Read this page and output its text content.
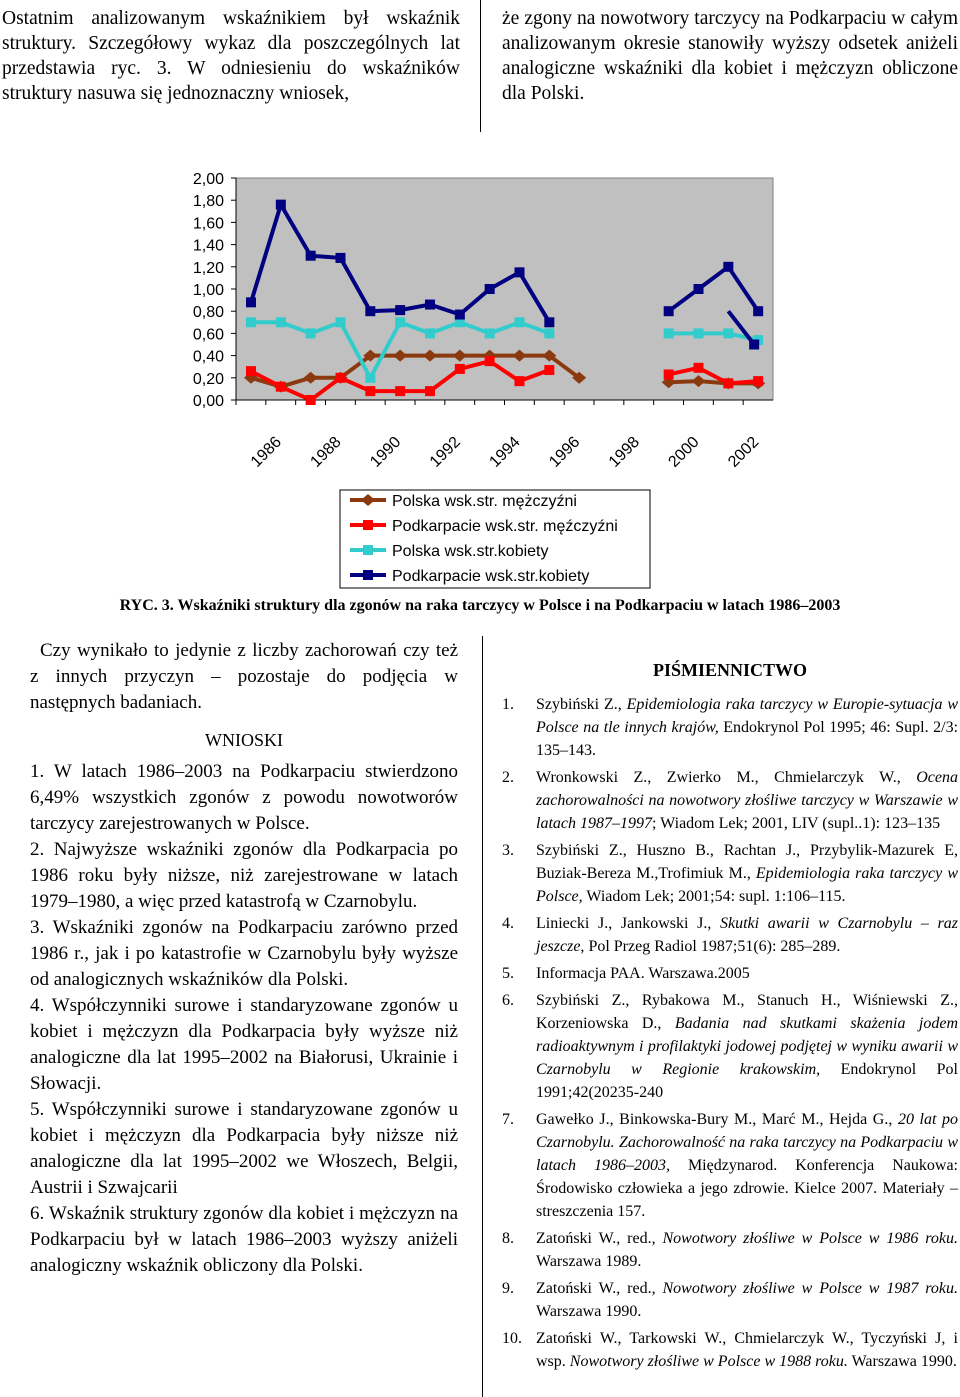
Ostatnim analizowanym wskaźnikiem był wskaźnik struktury. Szczegółowy wykaz dla poszczególnych lat przedstawia ryc. 3. W odniesieniu do wskaźników struktury nasuwa się jednoznaczny wniosek,
że zgony na nowotwory tarczycy na Podkarpaciu w całym analizowanym okresie stanowiły wyższy odsetek aniżeli analogiczne wskaźniki dla kobiet i mężczyzn obliczone dla Polski.
0,00
0,20
0,40
0,60
0,80
1,00
1,20
1,40
1,60
1,80
2,00
1986 1988 1990 1992 1994 1996 1998 2000 2002
Polska wsk.str. mężczyźni
Podkarpacie wsk.str. męźczyźni
Polska wsk.str.kobiety
Podkarpacie wsk.str.kobiety
RYC. 3. Wskaźniki struktury dla zgonów na raka tarczycy w Polsce i na Podkarpaciu w latach 1986–2003
Czy wynikało to jedynie z liczby zachorowań czy też z innych przyczyn – pozostaje do podjęcia w następnych badaniach.
WNIOSKI
1. W latach 1986–2003 na Podkarpaciu stwierdzono 6,49% wszystkich zgonów z powodu nowotworów tarczycy zarejestrowanych w Polsce.
2. Najwyższe wskaźniki zgonów dla Podkarpacia po 1986 roku były niższe, niż zarejestrowane w latach 1979–1980, a więc przed katastrofą w Czarnobylu.
3. Wskaźniki zgonów na Podkarpaciu zarówno przed 1986 r., jak i po katastrofie w Czarnobylu były wyższe od analogicznych wskaźników dla Polski.
4. Współczynniki surowe i standaryzowane zgonów u kobiet i mężczyzn dla Podkarpacia były wyższe niż analogiczne dla lat 1995–2002 na Białorusi, Ukrainie i Słowacji.
5. Współczynniki surowe i standaryzowane zgonów u kobiet i mężczyzn dla Podkarpacia były niższe niż analogiczne dla lat 1995–2002 we Włoszech, Belgii, Austrii i Szwajcarii
6. Wskaźnik struktury zgonów dla kobiet i mężczyzn na Podkarpaciu był w latach 1986–2003 wyższy aniżeli analogiczny wskaźnik obliczony dla Polski.
PIŚMIENNICTWO
1. Szybiński Z., Epidemiologia raka tarczycy w Europie-sytuacja w Polsce na tle innych krajów, Endokrynol Pol 1995; 46: Supl. 2/3: 135–143.
2. Wronkowski Z., Zwierko M., Chmielarczyk W., Ocena zachorowalności na nowotwory złośliwe tarczycy w Warszawie w latach 1987–1997; Wiadom Lek; 2001, LIV (supl..1): 123–135
3. Szybiński Z., Huszno B., Rachtan J., Przybylik-Mazurek E, Buziak-Bereza M.,Trofimiuk M., Epidemiologia raka tarczycy w Polsce, Wiadom Lek; 2001;54: supl. 1:106–115.
4. Liniecki J., Jankowski J., Skutki awarii w Czarnobylu – raz jeszcze, Pol Przeg Radiol 1987;51(6): 285–289.
5. Informacja PAA. Warszawa.2005
6. Szybiński Z., Rybakowa M., Stanuch H., Wiśniewski Z., Korzeniowska D., Badania nad skutkami skażenia jodem radioaktywnym i profilaktyki jodowej podjętej w wyniku awarii w Czarnobylu w Regionie krakowskim, Endokrynol Pol 1991;42(20235-240
7. Gawełko J., Binkowska-Bury M., Marć M., Hejda G., 20 lat po Czarnobylu. Zachorowalność na raka tarczycy na Podkarpaciu w latach 1986–2003, Międzynarod. Konferencja Naukowa: Środowisko człowieka a jego zdrowie. Kielce 2007. Materiały – streszczenia 157.
8. Zatoński W., red., Nowotwory złośliwe w Polsce w 1986 roku. Warszawa 1989.
9. Zatoński W., red., Nowotwory złośliwe w Polsce w 1987 roku. Warszawa 1990.
10. Zatoński W., Tarkowski W., Chmielarczyk W., Tyczyński J, i wsp. Nowotwory złośliwe w Polsce w 1988 roku. Warszawa 1990.
